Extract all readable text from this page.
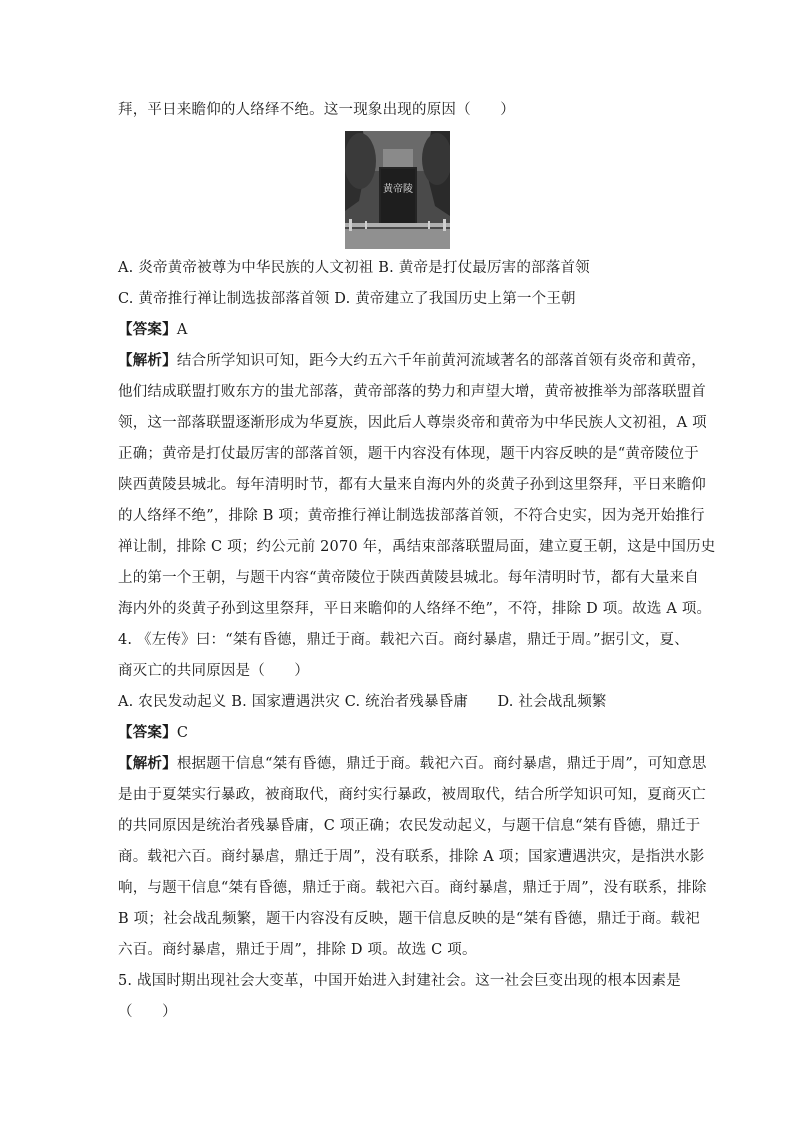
拜，平日来瞻仰的人络绎不绝。这一现象出现的原因（　　）
黄帝陵
A. 炎帝黄帝被尊为中华民族的人文初祖 B. 黄帝是打仗最厉害的部落首领
C. 黄帝推行禅让制选拔部落首领 D. 黄帝建立了我国历史上第一个王朝
【答案】A
【解析】结合所学知识可知，距今大约五六千年前黄河流域著名的部落首领有炎帝和黄帝，
他们结成联盟打败东方的蚩尤部落，黄帝部落的势力和声望大增，黄帝被推举为部落联盟首
领，这一部落联盟逐渐形成为华夏族，因此后人尊崇炎帝和黄帝为中华民族人文初祖，A 项
正确；黄帝是打仗最厉害的部落首领，题干内容没有体现，题干内容反映的是“黄帝陵位于
陕西黄陵县城北。每年清明时节，都有大量来自海内外的炎黄子孙到这里祭拜，平日来瞻仰
的人络绎不绝”，排除 B 项；黄帝推行禅让制选拔部落首领，不符合史实，因为尧开始推行
禅让制，排除 C 项；约公元前 2070 年，禹结束部落联盟局面，建立夏王朝，这是中国历史
上的第一个王朝，与题干内容“黄帝陵位于陕西黄陵县城北。每年清明时节，都有大量来自
海内外的炎黄子孙到这里祭拜，平日来瞻仰的人络绎不绝”，不符，排除 D 项。故选 A 项。
4. 《左传》曰：“桀有昏德，鼎迁于商。载祀六百。商纣暴虐，鼎迁于周。”据引文，夏、
商灭亡的共同原因是（　　）
A. 农民发动起义 B. 国家遭遇洪灾 C. 统治者残暴昏庸　　D. 社会战乱频繁
【答案】C
【解析】根据题干信息“桀有昏德，鼎迁于商。载祀六百。商纣暴虐，鼎迁于周”，可知意思
是由于夏桀实行暴政，被商取代，商纣实行暴政，被周取代，结合所学知识可知，夏商灭亡
的共同原因是统治者残暴昏庸，C 项正确；农民发动起义，与题干信息“桀有昏德，鼎迁于
商。载祀六百。商纣暴虐，鼎迁于周”，没有联系，排除 A 项；国家遭遇洪灾，是指洪水影
响，与题干信息“桀有昏德，鼎迁于商。载祀六百。商纣暴虐，鼎迁于周”，没有联系，排除
B 项；社会战乱频繁，题干内容没有反映，题干信息反映的是“桀有昏德，鼎迁于商。载祀
六百。商纣暴虐，鼎迁于周”，排除 D 项。故选 C 项。
5. 战国时期出现社会大变革，中国开始进入封建社会。这一社会巨变出现的根本因素是
（　　）
